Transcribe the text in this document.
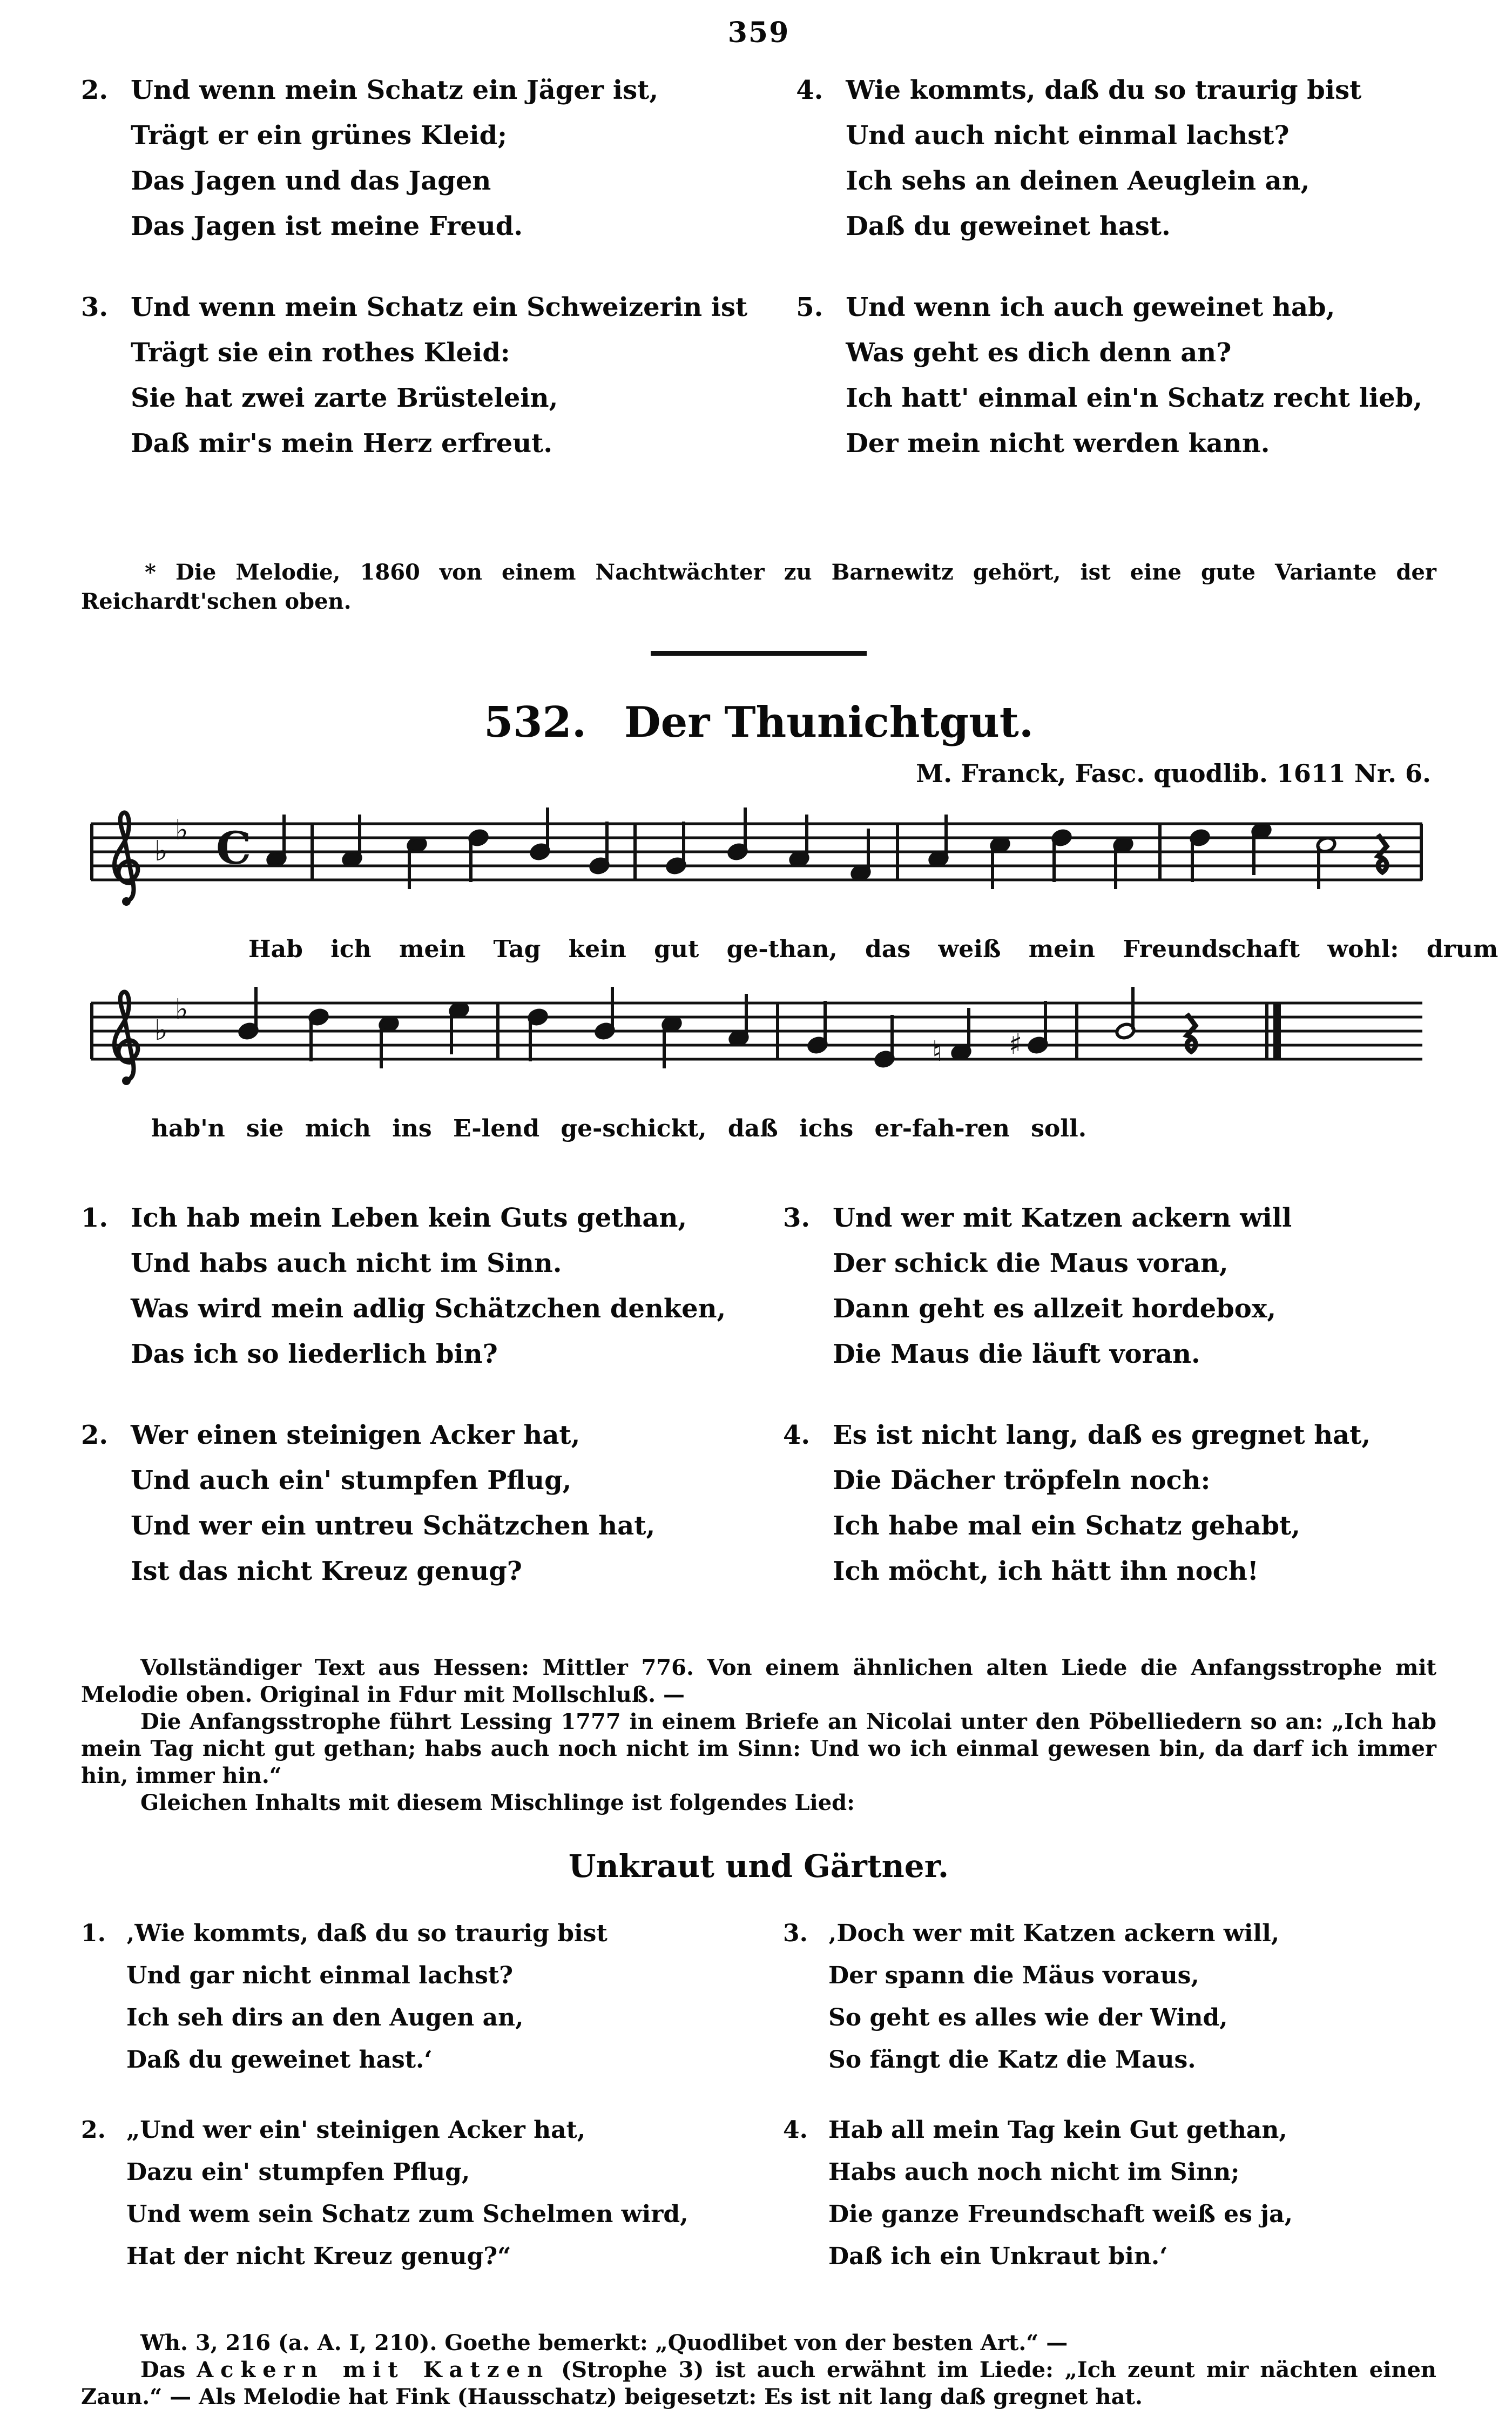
359
2. Und wenn mein Schatz ein Jäger ist,
Trägt er ein grünes Kleid;
Das Jagen und das Jagen
Das Jagen ist meine Freud.
3. Und wenn mein Schatz ein Schweizerin ist
Trägt sie ein rothes Kleid:
Sie hat zwei zarte Brüstelein,
Daß mir's mein Herz erfreut.
4. Wie kommts, daß du so traurig bist
Und auch nicht einmal lachst?
Ich sehs an deinen Aeuglein an,
Daß du geweinet hast.
5. Und wenn ich auch geweinet hab,
Was geht es dich denn an?
Ich hatt' einmal ein'n Schatz recht lieb,
Der mein nicht werden kann.
* Die Melodie, 1860 von einem Nachtwächter zu Barnewitz gehört, ist eine gute Variante der Reichardt'schen oben.
532. Der Thunichtgut.
M. Franck, Fasc. quodlib. 1611 Nr. 6.
♭
♭ C
Hab ich mein Tag kein gut ge-than, das weiß mein Freundschaft wohl: drum
♭
♭
♮ ♯
hab'n sie mich ins E-lend ge-schickt, daß ichs er-fah-ren soll.
1. Ich hab mein Leben kein Guts gethan,
Und habs auch nicht im Sinn.
Was wird mein adlig Schätzchen denken,
Das ich so liederlich bin?
2. Wer einen steinigen Acker hat,
Und auch ein' stumpfen Pflug,
Und wer ein untreu Schätzchen hat,
Ist das nicht Kreuz genug?
3. Und wer mit Katzen ackern will
Der schick die Maus voran,
Dann geht es allzeit hordebox,
Die Maus die läuft voran.
4. Es ist nicht lang, daß es gregnet hat,
Die Dächer tröpfeln noch:
Ich habe mal ein Schatz gehabt,
Ich möcht, ich hätt ihn noch!

Vollständiger Text aus Hessen: Mittler 776. Von einem ähnlichen alten Liede die Anfangsstrophe mit Melodie oben. Original in Fdur mit Mollschluß. —

Die Anfangsstrophe führt Lessing 1777 in einem Briefe an Nicolai unter den Pöbelliedern so an: „Ich hab mein Tag nicht gut gethan; habs auch noch nicht im Sinn: Und wo ich einmal gewesen bin, da darf ich immer hin, immer hin.“

Gleichen Inhalts mit diesem Mischlinge ist folgendes Lied:

Unkraut und Gärtner.
1. ‚Wie kommts, daß du so traurig bist
Und gar nicht einmal lachst?
Ich seh dirs an den Augen an,
Daß du geweinet hast.‘
2. „Und wer ein' steinigen Acker hat,
Dazu ein' stumpfen Pflug,
Und wem sein Schatz zum Schelmen wird,
Hat der nicht Kreuz genug?“
3. ‚Doch wer mit Katzen ackern will,
Der spann die Mäus voraus,
So geht es alles wie der Wind,
So fängt die Katz die Maus.
4. Hab all mein Tag kein Gut gethan,
Habs auch noch nicht im Sinn;
Die ganze Freundschaft weiß es ja,
Daß ich ein Unkraut bin.‘

Wh. 3, 216 (a. A. I, 210). Goethe bemerkt: „Quodlibet von der besten Art.“ —

Das Ackern mit Katzen (Strophe 3) ist auch erwähnt im Liede: „Ich zeunt mir nächten einen Zaun.“ — Als Melodie hat Fink (Hausschatz) beigesetzt: Es ist nit lang daß gregnet hat.
